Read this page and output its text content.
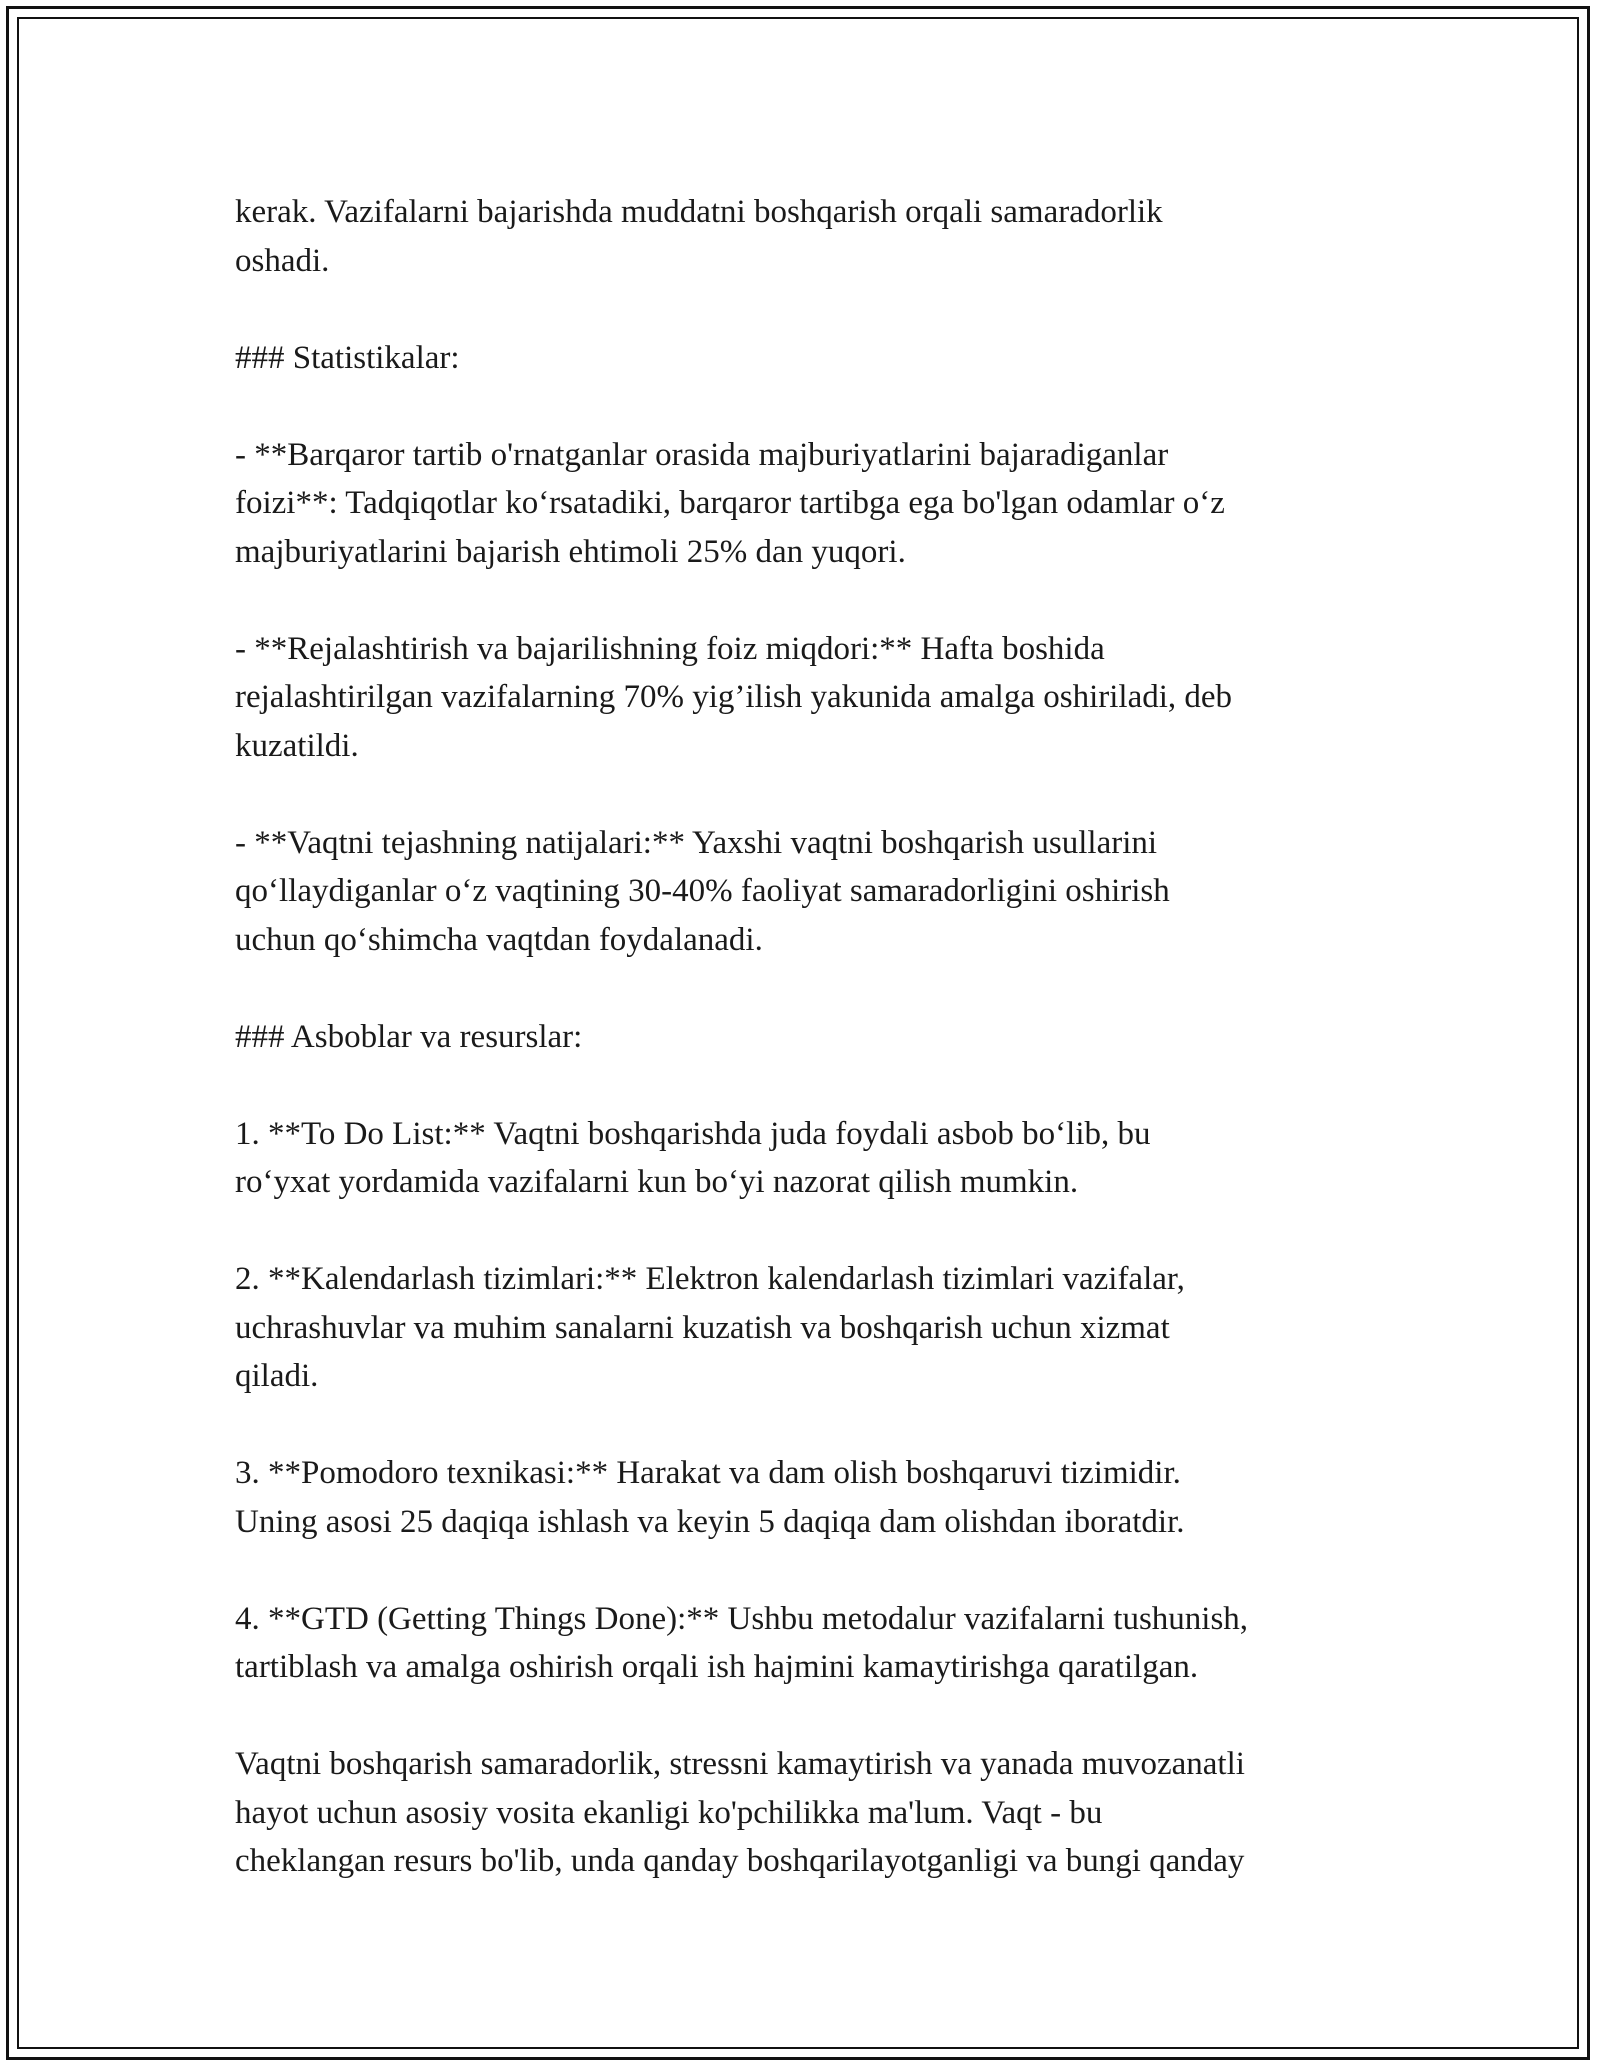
kerak. Vazifalarni bajarishda muddatni boshqarish orqali samaradorlik
oshadi.

### Statistikalar:

- **Barqaror tartib o'rnatganlar orasida majburiyatlarini bajaradiganlar
foizi**: Tadqiqotlar ko‘rsatadiki, barqaror tartibga ega bo'lgan odamlar o‘z
majburiyatlarini bajarish ehtimoli 25% dan yuqori.

- **Rejalashtirish va bajarilishning foiz miqdori:** Hafta boshida
rejalashtirilgan vazifalarning 70% yig’ilish yakunida amalga oshiriladi, deb
kuzatildi.

- **Vaqtni tejashning natijalari:** Yaxshi vaqtni boshqarish usullarini
qo‘llaydiganlar o‘z vaqtining 30-40% faoliyat samaradorligini oshirish
uchun qo‘shimcha vaqtdan foydalanadi.

### Asboblar va resurslar:

1. **To Do List:** Vaqtni boshqarishda juda foydali asbob bo‘lib, bu
ro‘yxat yordamida vazifalarni kun bo‘yi nazorat qilish mumkin.

2. **Kalendarlash tizimlari:** Elektron kalendarlash tizimlari vazifalar,
uchrashuvlar va muhim sanalarni kuzatish va boshqarish uchun xizmat
qiladi.

3. **Pomodoro texnikasi:** Harakat va dam olish boshqaruvi tizimidir.
Uning asosi 25 daqiqa ishlash va keyin 5 daqiqa dam olishdan iboratdir.

4. **GTD (Getting Things Done):** Ushbu metodalur vazifalarni tushunish,
tartiblash va amalga oshirish orqali ish hajmini kamaytirishga qaratilgan.

Vaqtni boshqarish samaradorlik, stressni kamaytirish va yanada muvozanatli
hayot uchun asosiy vosita ekanligi ko'pchilikka ma'lum. Vaqt - bu
cheklangan resurs bo'lib, unda qanday boshqarilayotganligi va bungi qanday
